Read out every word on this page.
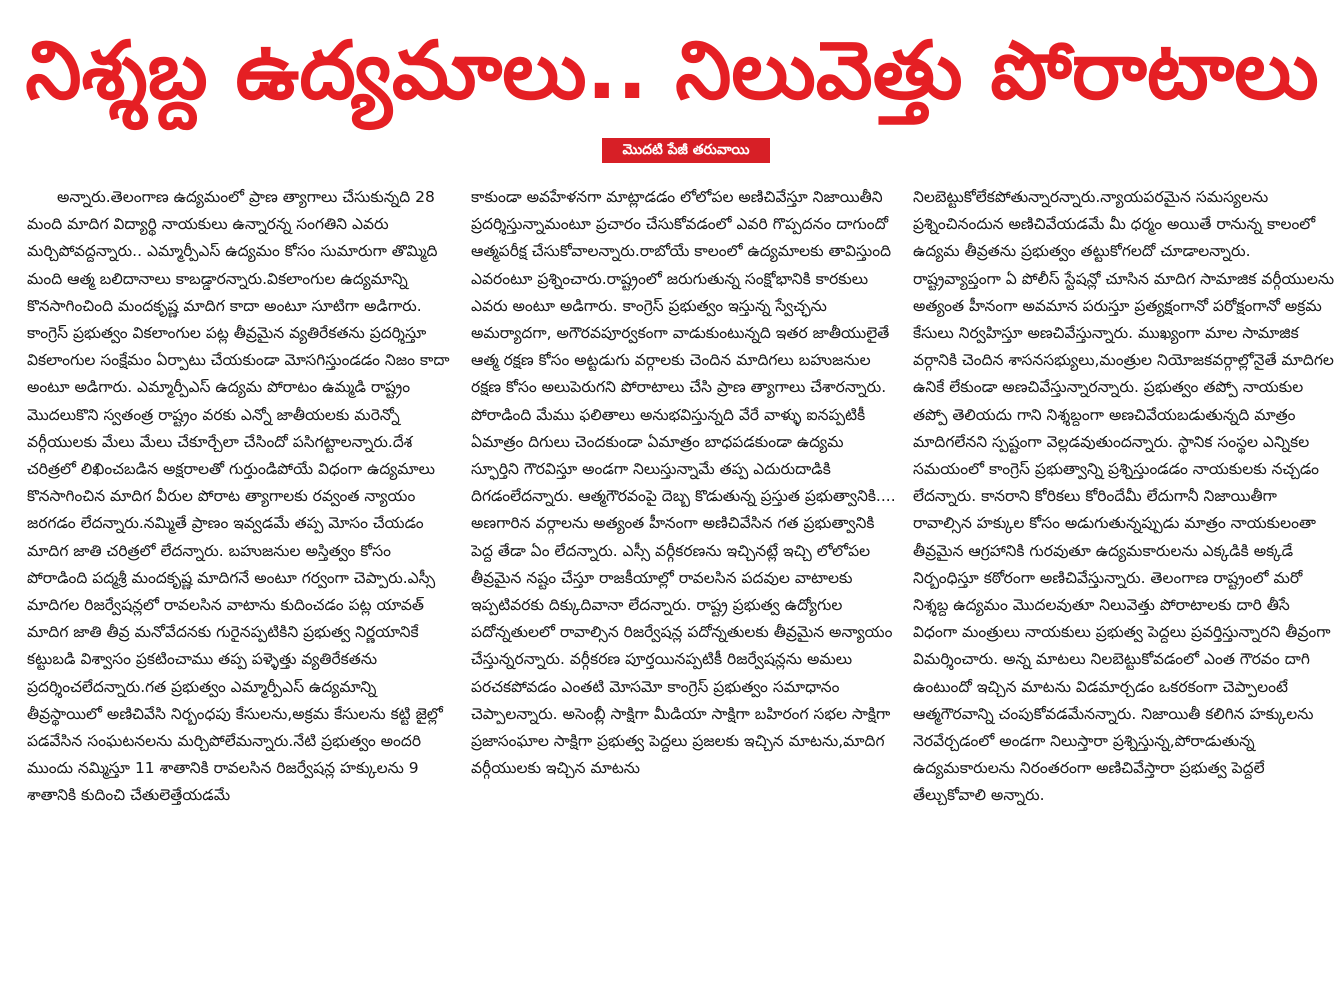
నిశ్శబ్ద ఉద్యమాలు.. నిలువెత్తు పోరాటాలు
మొదటి పేజీ తరువాయి

అన్నారు.తెలంగాణ ఉద్యమంలో ప్రాణ త్యాగాలు చేసుకున్నది 28 మంది మాదిగ విద్యార్థి నాయకులు ఉన్నారన్న సంగతిని ఎవరు మర్చిపోవద్దన్నారు.. ఎమ్మార్పీఎస్ ఉద్యమం కోసం సుమారుగా తొమ్మిది మంది ఆత్మ బలిదానాలు కాబడ్డారన్నారు.వికలాంగుల ఉద్యమాన్ని కొనసాగించింది మందకృష్ణ మాదిగ కాదా అంటూ సూటిగా అడిగారు. కాంగ్రెస్ ప్రభుత్వం వికలాంగుల పట్ల తీవ్రమైన వ్యతిరేకతను ప్రదర్శిస్తూ వికలాంగుల సంక్షేమం ఏర్పాటు చేయకుండా మోసగిస్తుండడం నిజం కాదా అంటూ అడిగారు. ఎమ్మార్పీఎస్ ఉద్యమ పోరాటం ఉమ్మడి రాష్ట్రం మొదలుకొని స్వతంత్ర రాష్ట్రం వరకు ఎన్నో జాతీయలకు మరెన్నో వర్గీయులకు మేలు మేలు చేకూర్చేలా చేసిందో పసిగట్టాలన్నారు.దేశ చరిత్రలో లిఖించబడిన అక్షరాలతో గుర్తుండిపోయే విధంగా ఉద్యమాలు కొనసాగించిన మాదిగ వీరుల పోరాట త్యాగాలకు రవ్వంత న్యాయం జరగడం లేదన్నారు.నమ్మితే ప్రాణం ఇవ్వడమే తప్ప మోసం చేయడం మాదిగ జాతి చరిత్రలో లేదన్నారు. బహుజనుల అస్తిత్వం కోసం పోరాడింది పద్మశ్రీ మందకృష్ణ మాదిగనే అంటూ గర్వంగా చెప్పారు.ఎస్సీ మాదిగల రిజర్వేషన్లలో రావలసిన వాటాను కుదించడం పట్ల యావత్ మాదిగ జాతి తీవ్ర మనోవేదనకు గురైనప్పటికిని ప్రభుత్వ నిర్ణయానికే కట్టుబడి విశ్వాసం ప్రకటించాము తప్ప పళ్ళెత్తు వ్యతిరేకతను ప్రదర్శించలేదన్నారు.గత ప్రభుత్వం ఎమ్మార్పీఎస్ ఉద్యమాన్ని తీవ్రస్థాయిలో అణిచివేసి నిర్బంధపు కేసులను,అక్రమ కేసులను కట్టి జైల్లో పడవేసిన సంఘటనలను మర్చిపోలేమన్నారు.నేటి ప్రభుత్వం అందరి ముందు నమ్మిస్తూ 11 శాతానికి రావలసిన రిజర్వేషన్ల హక్కులను 9 శాతానికి కుదించి చేతులెత్తేయడమే

కాకుండా అవహేళనగా మాట్లాడడం లోలోపల అణిచివేస్తూ నిజాయితీని ప్రదర్శిస్తున్నామంటూ ప్రచారం చేసుకోవడంలో ఎవరి గొప్పదనం దాగుందో ఆత్మపరీక్ష చేసుకోవాలన్నారు.రాబోయే కాలంలో ఉద్యమాలకు తావిస్తుంది ఎవరంటూ ప్రశ్నించారు.రాష్ట్రంలో జరుగుతున్న సంక్షోభానికి కారకులు ఎవరు అంటూ అడిగారు. కాంగ్రెస్ ప్రభుత్వం ఇస్తున్న స్వేచ్ఛను అమర్యాదగా, అగౌరవపూర్వకంగా వాడుకుంటున్నది ఇతర జాతీయులైతే ఆత్మ రక్షణ కోసం అట్టడుగు వర్గాలకు చెందిన మాదిగలు బహుజనుల రక్షణ కోసం అలుపెరుగని పోరాటాలు చేసి ప్రాణ త్యాగాలు చేశారన్నారు. పోరాడింది మేము ఫలితాలు అనుభవిస్తున్నది వేరే వాళ్ళు ఐనప్పటికీ ఏమాత్రం దిగులు చెందకుండా ఏమాత్రం బాధపడకుండా ఉద్యమ స్ఫూర్తిని గౌరవిస్తూ అండగా నిలుస్తున్నామే తప్ప ఎదురుదాడికి దిగడంలేదన్నారు. ఆత్మగౌరవంపై దెబ్బ కొడుతున్న ప్రస్తుత ప్రభుత్వానికి.... అణగారిన వర్గాలను అత్యంత హీనంగా అణిచివేసిన గత ప్రభుత్వానికి పెద్ద తేడా ఏం లేదన్నారు. ఎస్సీ వర్గీకరణను ఇచ్చినట్లే ఇచ్చి లోలోపల తీవ్రమైన నష్టం చేస్తూ రాజకీయాల్లో రావలసిన పదవుల వాటాలకు ఇప్పటివరకు దిక్కుదివానా లేదన్నారు. రాష్ట్ర ప్రభుత్వ ఉద్యోగుల పదోన్నతులలో రావాల్సిన రిజర్వేషన్ల పదోన్నతులకు తీవ్రమైన అన్యాయం చేస్తున్నరన్నారు. వర్గీకరణ పూర్తయినప్పటికీ రిజర్వేషన్లను అమలు పరచకపోవడం ఎంతటి మోసమో కాంగ్రెస్ ప్రభుత్వం సమాధానం చెప్పాలన్నారు. అసెంబ్లీ సాక్షిగా మీడియా సాక్షిగా బహిరంగ సభల సాక్షిగా ప్రజాసంఘాల సాక్షిగా ప్రభుత్వ పెద్దలు ప్రజలకు ఇచ్చిన మాటను,మాదిగ వర్గీయులకు ఇచ్చిన మాటను

నిలబెట్టుకోలేకపోతున్నారన్నారు.న్యాయపరమైన సమస్యలను ప్రశ్నించినందున అణిచివేయడమే మీ ధర్మం అయితే రానున్న కాలంలో ఉద్యమ తీవ్రతను ప్రభుత్వం తట్టుకోగలదో చూడాలన్నారు. రాష్ట్రవ్యాప్తంగా ఏ పోలీస్ స్టేషన్లో చూసిన మాదిగ సామాజిక వర్గీయులను అత్యంత హీనంగా అవమాన పరుస్తూ ప్రత్యక్షంగానో పరోక్షంగానో అక్రమ కేసులు నిర్వహిస్తూ అణచివేస్తున్నారు. ముఖ్యంగా మాల సామాజిక వర్గానికి చెందిన శాసనసభ్యులు,మంత్రుల నియోజకవర్గాల్లోనైతే మాదిగల ఉనికే లేకుండా అణచివేస్తున్నారన్నారు. ప్రభుత్వం తప్పో నాయకుల తప్పో తెలియదు గాని నిశ్శబ్దంగా అణచివేయబడుతున్నది మాత్రం మాదిగలేనని స్పష్టంగా వెల్లడవుతుందన్నారు. స్థానిక సంస్థల ఎన్నికల సమయంలో కాంగ్రెస్ ప్రభుత్వాన్ని ప్రశ్నిస్తుండడం నాయకులకు నచ్చడం లేదన్నారు. కానరాని కోరికలు కోరిందేమీ లేదుగానీ నిజాయితీగా రావాల్సిన హక్కుల కోసం అడుగుతున్నప్పుడు మాత్రం నాయకులంతా తీవ్రమైన ఆగ్రహానికి గురవుతూ ఉద్యమకారులను ఎక్కడికి అక్కడే నిర్బంధిస్తూ కఠోరంగా అణిచివేస్తున్నారు. తెలంగాణ రాష్ట్రంలో మరో నిశ్శబ్ద ఉద్యమం మొదలవుతూ నిలువెత్తు పోరాటాలకు దారి తీసే విధంగా మంత్రులు నాయకులు ప్రభుత్వ పెద్దలు ప్రవర్తిస్తున్నారని తీవ్రంగా విమర్శించారు. అన్న మాటలు నిలబెట్టుకోవడంలో ఎంత గౌరవం దాగి ఉంటుందో ఇచ్చిన మాటను విడమార్చడం ఒకరకంగా చెప్పాలంటే ఆత్మగౌరవాన్ని చంపుకోవడమేనన్నారు. నిజాయితీ కలిగిన హక్కులను నెరవేర్చడంలో అండగా నిలుస్తారా ప్రశ్నిస్తున్న,పోరాడుతున్న ఉద్యమకారులను నిరంతరంగా అణిచివేస్తారా ప్రభుత్వ పెద్దలే తేల్చుకోవాలి అన్నారు.
